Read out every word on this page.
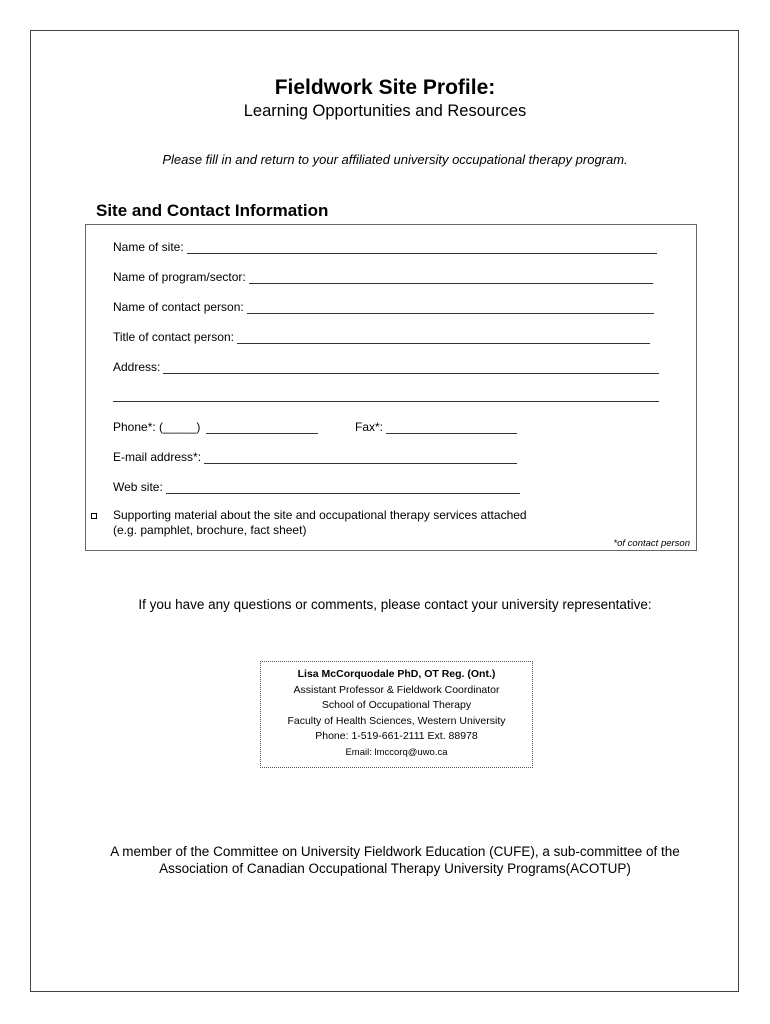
Fieldwork Site Profile:
Learning Opportunities and Resources
Please fill in and return to your affiliated university occupational therapy program.
Site and Contact Information
Name of site:
Name of program/sector:
Name of contact person:
Title of contact person:
Address:
Phone*: (_____)	Fax*:
E-mail address*:
Web site:
Supporting material about the site and occupational therapy services attached
(e.g. pamphlet, brochure, fact sheet)
*of contact person
If you have any questions or comments, please contact your university representative:
Lisa McCorquodale PhD, OT Reg. (Ont.)
Assistant Professor & Fieldwork Coordinator
School of Occupational Therapy
Faculty of Health Sciences, Western University
Phone: 1-519-661-2111 Ext. 88978
Email: lmccorq@uwo.ca
A member of the Committee on University Fieldwork Education (CUFE), a sub-committee of the
Association of Canadian Occupational Therapy University Programs(ACOTUP)
